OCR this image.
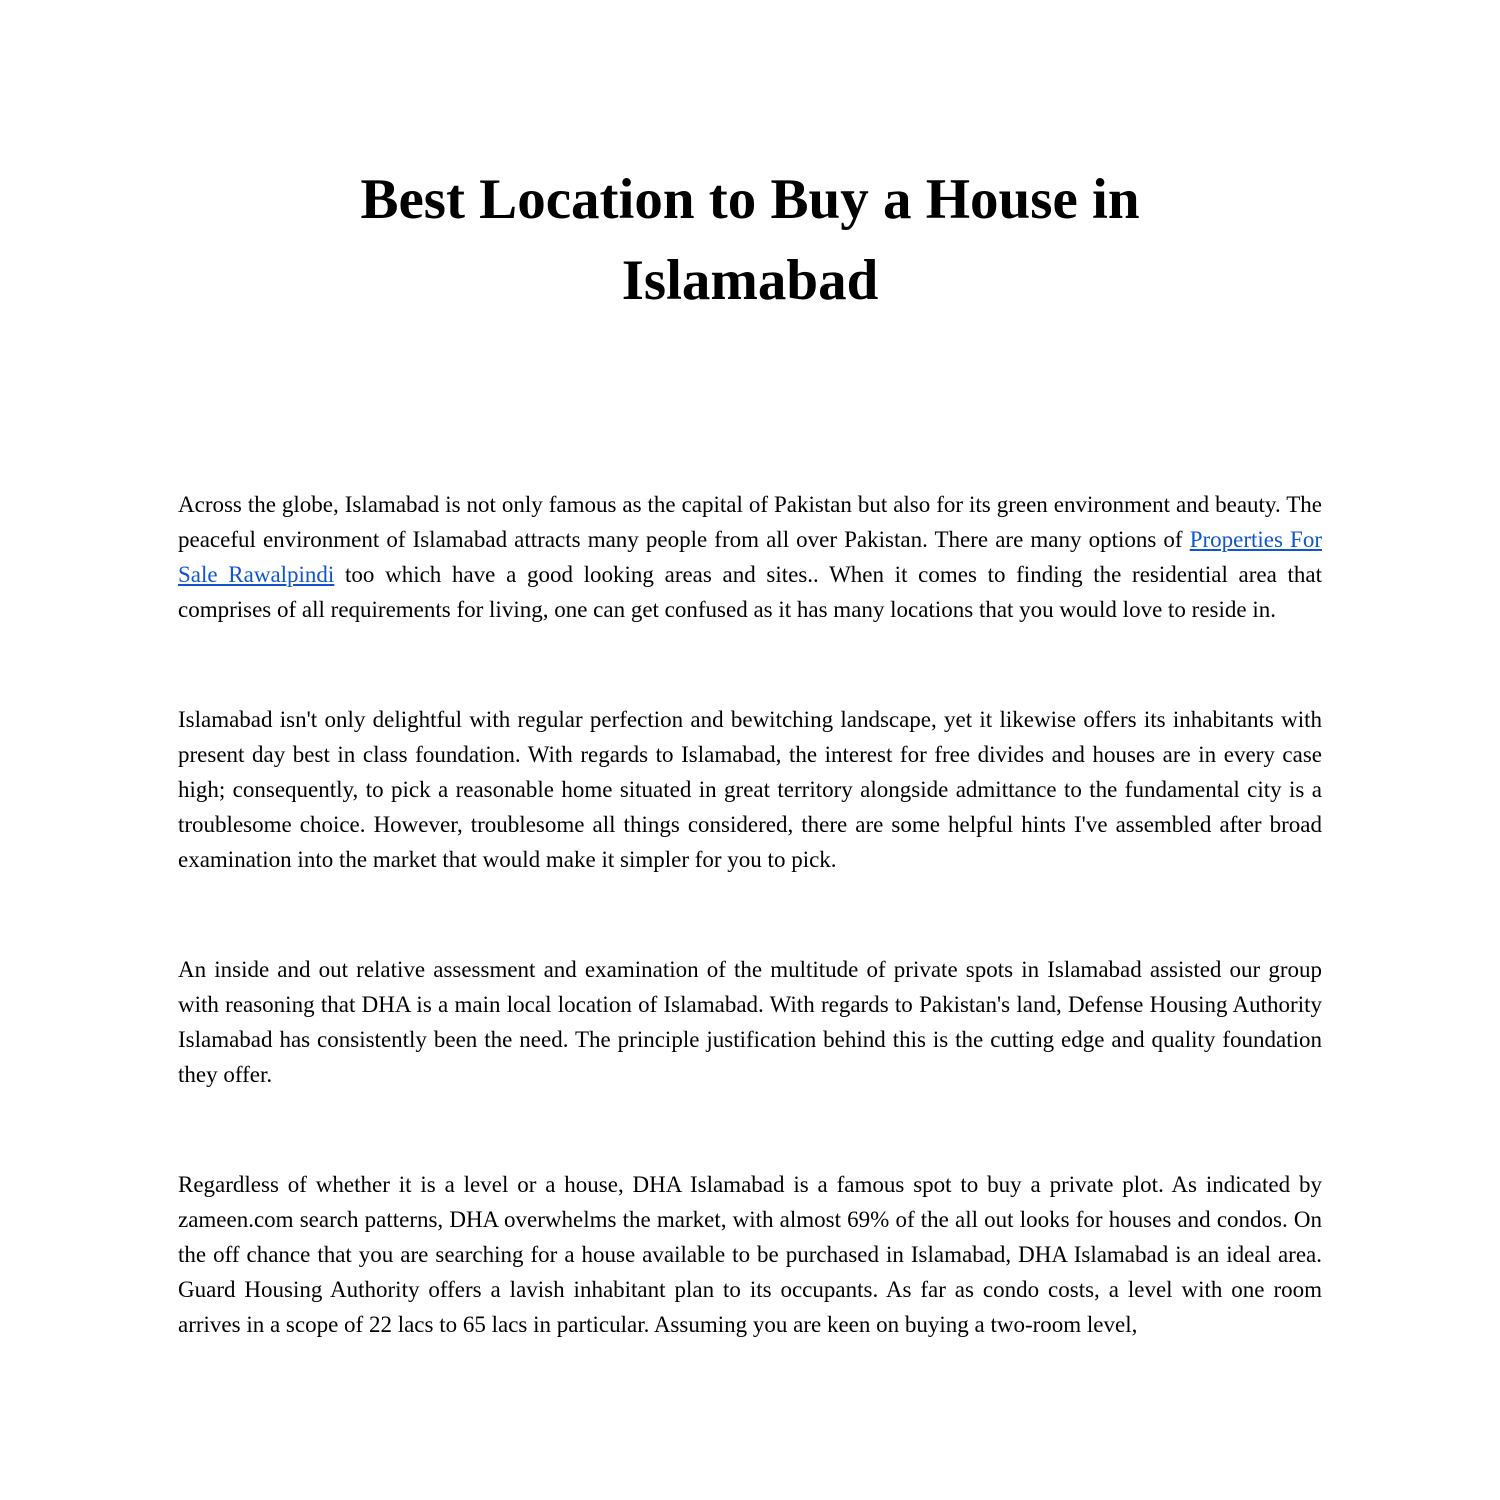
Best Location to Buy a House in Islamabad

Across the globe, Islamabad is not only famous as the capital of Pakistan but also for its green environment and beauty. The peaceful environment of Islamabad attracts many people from all over Pakistan. There are many options of Properties For Sale Rawalpindi too which have a good looking areas and sites.. When it comes to finding the residential area that comprises of all requirements for living, one can get confused as it has many locations that you would love to reside in.

Islamabad isn't only delightful with regular perfection and bewitching landscape, yet it likewise offers its inhabitants with present day best in class foundation. With regards to Islamabad, the interest for free divides and houses are in every case high; consequently, to pick a reasonable home situated in great territory alongside admittance to the fundamental city is a troublesome choice. However, troublesome all things considered, there are some helpful hints I've assembled after broad examination into the market that would make it simpler for you to pick.

An inside and out relative assessment and examination of the multitude of private spots in Islamabad assisted our group with reasoning that DHA is a main local location of Islamabad. With regards to Pakistan's land, Defense Housing Authority Islamabad has consistently been the need. The principle justification behind this is the cutting edge and quality foundation they offer.

Regardless of whether it is a level or a house, DHA Islamabad is a famous spot to buy a private plot. As indicated by zameen.com search patterns, DHA overwhelms the market, with almost 69% of the all out looks for houses and condos. On the off chance that you are searching for a house available to be purchased in Islamabad, DHA Islamabad is an ideal area. Guard Housing Authority offers a lavish inhabitant plan to its occupants. As far as condo costs, a level with one room arrives in a scope of 22 lacs to 65 lacs in particular. Assuming you are keen on buying a two-room level,
